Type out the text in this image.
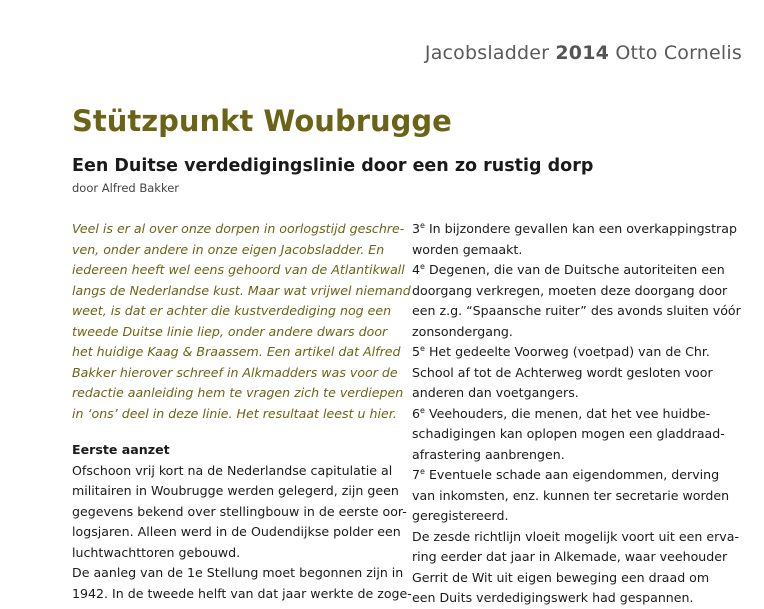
Jacobsladder 2014 Otto Cornelis
Stützpunkt Woubrugge
Een Duitse verdedigingslinie door een zo rustig dorp
door Alfred Bakker
Veel is er al over onze dorpen in oorlogstijd geschre-
ven, onder andere in onze eigen Jacobsladder. En
iedereen heeft wel eens gehoord van de Atlantikwall
langs de Nederlandse kust. Maar wat vrijwel niemand
weet, is dat er achter die kustverdediging nog een
tweede Duitse linie liep, onder andere dwars door
het huidige Kaag & Braassem. Een artikel dat Alfred
Bakker hierover schreef in Alkmadders was voor de
redactie aanleiding hem te vragen zich te verdiepen
in ‘ons’ deel in deze linie. Het resultaat leest u hier.
Eerste aanzet
Ofschoon vrij kort na de Nederlandse capitulatie al
militairen in Woubrugge werden gelegerd, zijn geen
gegevens bekend over stellingbouw in de eerste oor-
logsjaren. Alleen werd in de Oudendijkse polder een
luchtwachttoren gebouwd.
De aanleg van de 1e Stellung moet begonnen zijn in
1942. In de tweede helft van dat jaar werkte de zoge-
3e In bijzondere gevallen kan een overkappingstrap
worden gemaakt.
4e Degenen, die van de Duitsche autoriteiten een
doorgang verkregen, moeten deze doorgang door
een z.g. “Spaansche ruiter” des avonds sluiten vóór
zonsondergang.
5e Het gedeelte Voorweg (voetpad) van de Chr.
School af tot de Achterweg wordt gesloten voor
anderen dan voetgangers.
6e Veehouders, die menen, dat het vee huidbe-
schadigingen kan oplopen mogen een gladdraad-
afrastering aanbrengen.
7e Eventuele schade aan eigendommen, derving
van inkomsten, enz. kunnen ter secretarie worden
geregistereerd.
De zesde richtlijn vloeit mogelijk voort uit een erva-
ring eerder dat jaar in Alkemade, waar veehouder
Gerrit de Wit uit eigen beweging een draad om
een Duits verdedigingswerk had gespannen.
